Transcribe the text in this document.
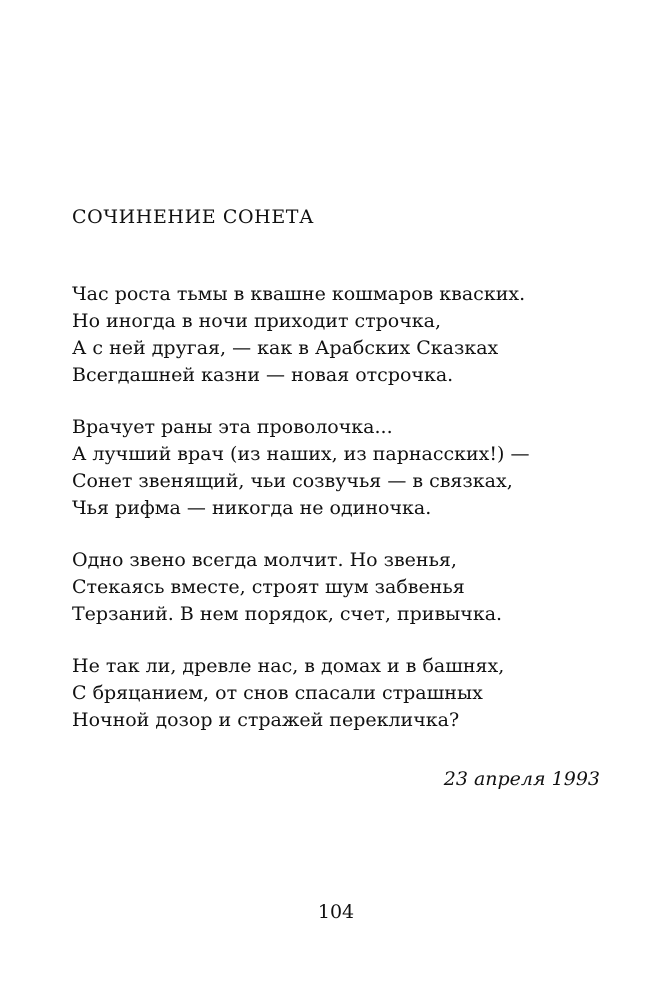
СОЧИНЕНИЕ СОНЕТА
Час роста тьмы в квашне кошмаров кваских.
Но иногда в ночи приходит строчка,
А с ней другая, — как в Арабских Сказках
Всегдашней казни — новая отсрочка.
Врачует раны эта проволочка...
А лучший врач (из наших, из парнасских!) —
Сонет звенящий, чьи созвучья — в связках,
Чья рифма — никогда не одиночка.
Одно звено всегда молчит. Но звенья,
Стекаясь вместе, строят шум забвенья
Терзаний. В нем порядок, счет, привычка.
Не так ли, древле нас, в домах и в башнях,
С бряцанием, от снов спасали страшных
Ночной дозор и стражей перекличка?
23 апреля 1993
104
